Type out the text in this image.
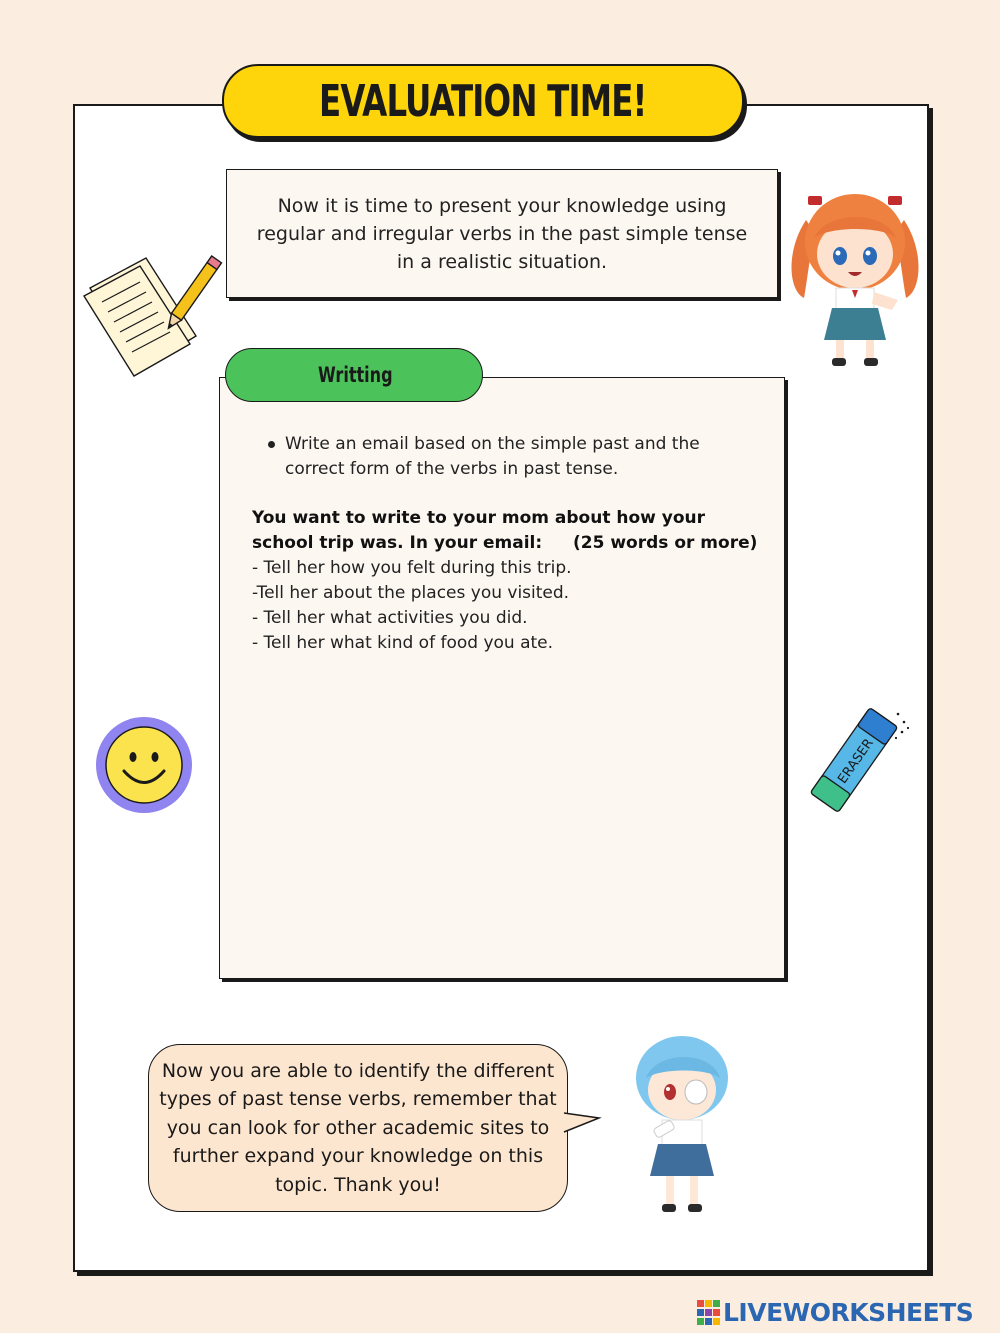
EVALUATION TIME!
Now it is time to present your knowledge using regular and irregular verbs in the past simple tense in a realistic situation.
Writting
Write an email based on the simple past and the correct form of the verbs in past tense.
You want to write to your mom about how your school trip was. In your email:	(25 words or more)
- Tell her how you felt during this trip.
-Tell her about the places you visited.
- Tell her what activities you did.
- Tell her what kind of food you ate.
ERASER
Now you are able to identify the different types of past tense verbs, remember that you can look for other academic sites to further expand your knowledge on this topic. Thank you!
LIVEWORKSHEETS
